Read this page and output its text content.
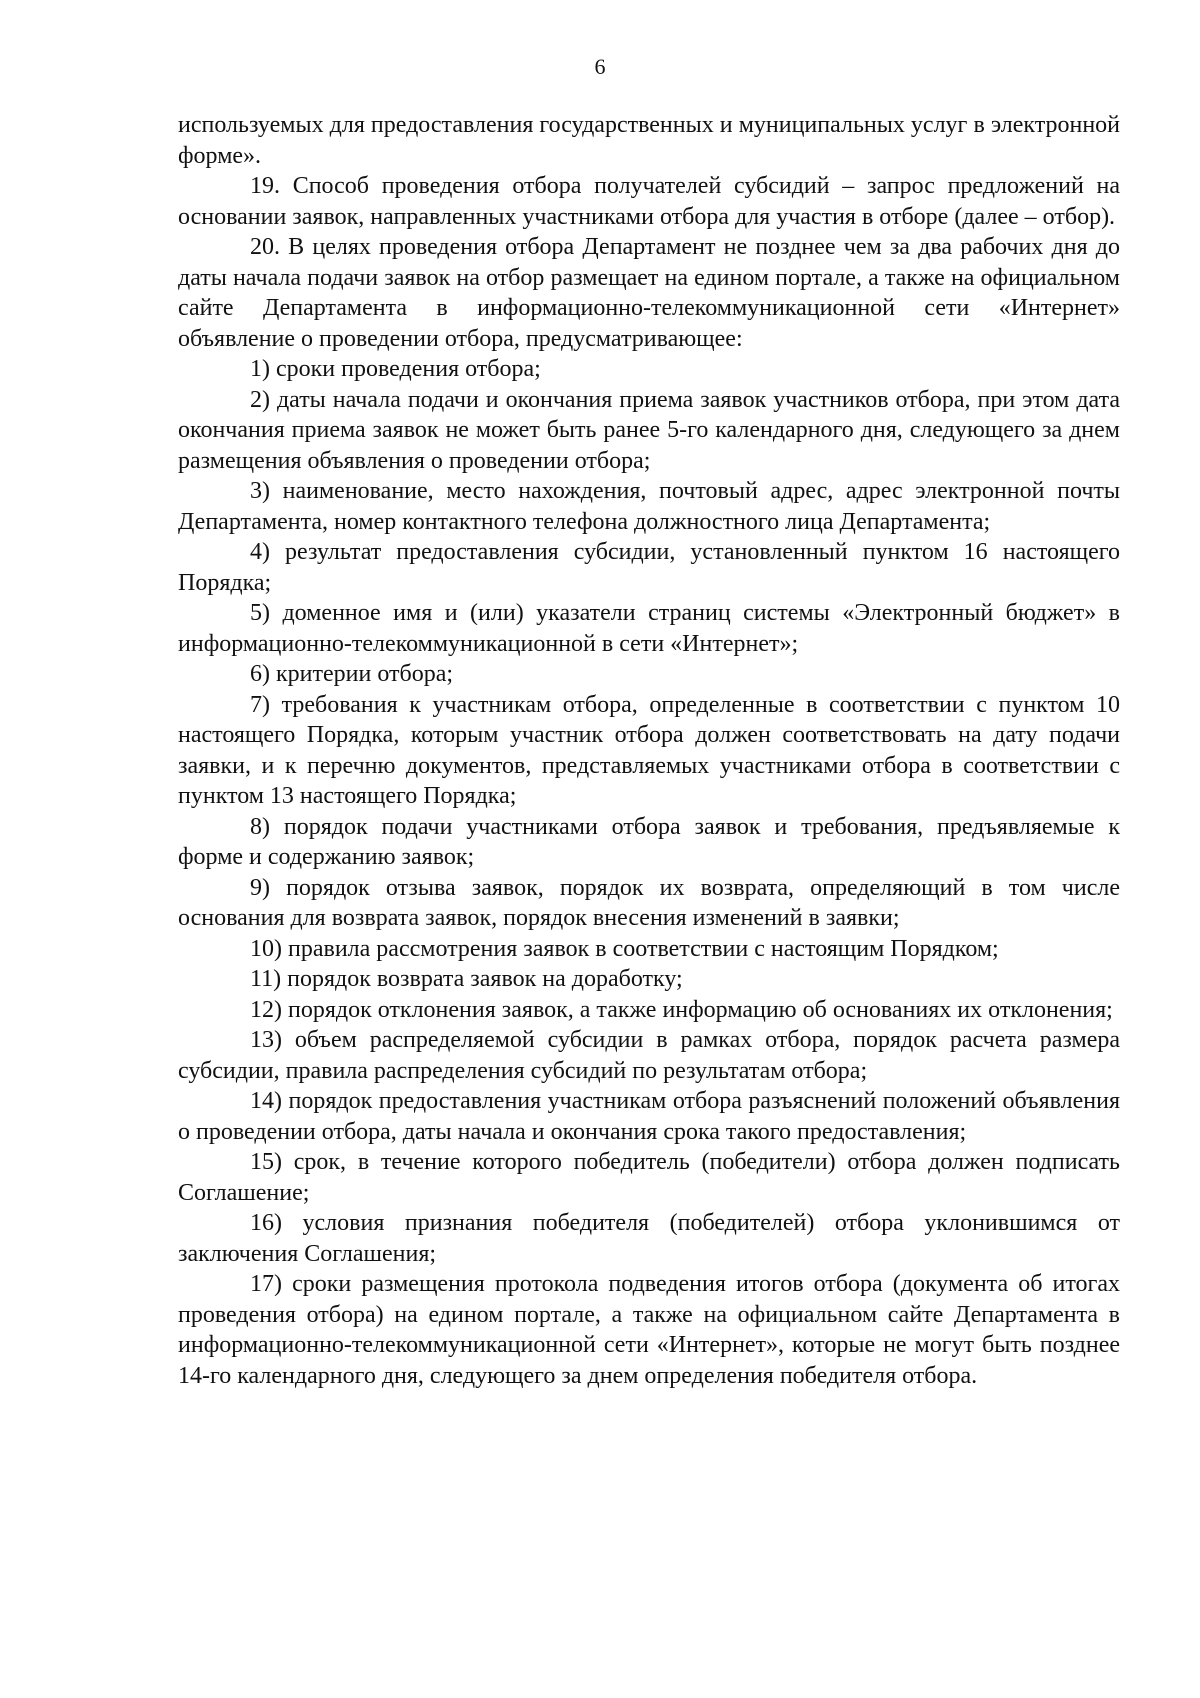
6

используемых для предоставления государственных и муниципальных услуг в электронной форме».

19. Способ проведения отбора получателей субсидий – запрос предложений на основании заявок, направленных участниками отбора для участия в отборе (далее – отбор).

20. В целях проведения отбора Департамент не позднее чем за два рабочих дня до даты начала подачи заявок на отбор размещает на едином портале, а также на официальном сайте Департамента в информационно-телекоммуникационной сети «Интернет» объявление о проведении отбора, предусматривающее:

1) сроки проведения отбора;

2) даты начала подачи и окончания приема заявок участников отбора, при этом дата окончания приема заявок не может быть ранее 5-го календарного дня, следующего за днем размещения объявления о проведении отбора;

3) наименование, место нахождения, почтовый адрес, адрес электронной почты Департамента, номер контактного телефона должностного лица Департамента;

4) результат предоставления субсидии, установленный пунктом 16 настоящего Порядка;

5) доменное имя и (или) указатели страниц системы «Электронный бюджет» в информационно-телекоммуникационной в сети «Интернет»;

6) критерии отбора;

7) требования к участникам отбора, определенные в соответствии с пунктом 10 настоящего Порядка, которым участник отбора должен соответствовать на дату подачи заявки, и к перечню документов, представляемых участниками отбора в соответствии с пунктом 13 настоящего Порядка;

8) порядок подачи участниками отбора заявок и требования, предъявляемые к форме и содержанию заявок;

9) порядок отзыва заявок, порядок их возврата, определяющий в том числе основания для возврата заявок, порядок внесения изменений в заявки;

10) правила рассмотрения заявок в соответствии с настоящим Порядком;

11) порядок возврата заявок на доработку;

12) порядок отклонения заявок, а также информацию об основаниях их отклонения;

13) объем распределяемой субсидии в рамках отбора, порядок расчета размера субсидии, правила распределения субсидий по результатам отбора;

14) порядок предоставления участникам отбора разъяснений положений объявления о проведении отбора, даты начала и окончания срока такого предоставления;

15) срок, в течение которого победитель (победители) отбора должен подписать Соглашение;

16) условия признания победителя (победителей) отбора уклонившимся от заключения Соглашения;

17) сроки размещения протокола подведения итогов отбора (документа об итогах проведения отбора) на едином портале, а также на официальном сайте Департамента в информационно-телекоммуникационной сети «Интернет», которые не могут быть позднее 14-го календарного дня, следующего за днем определения победителя отбора.
